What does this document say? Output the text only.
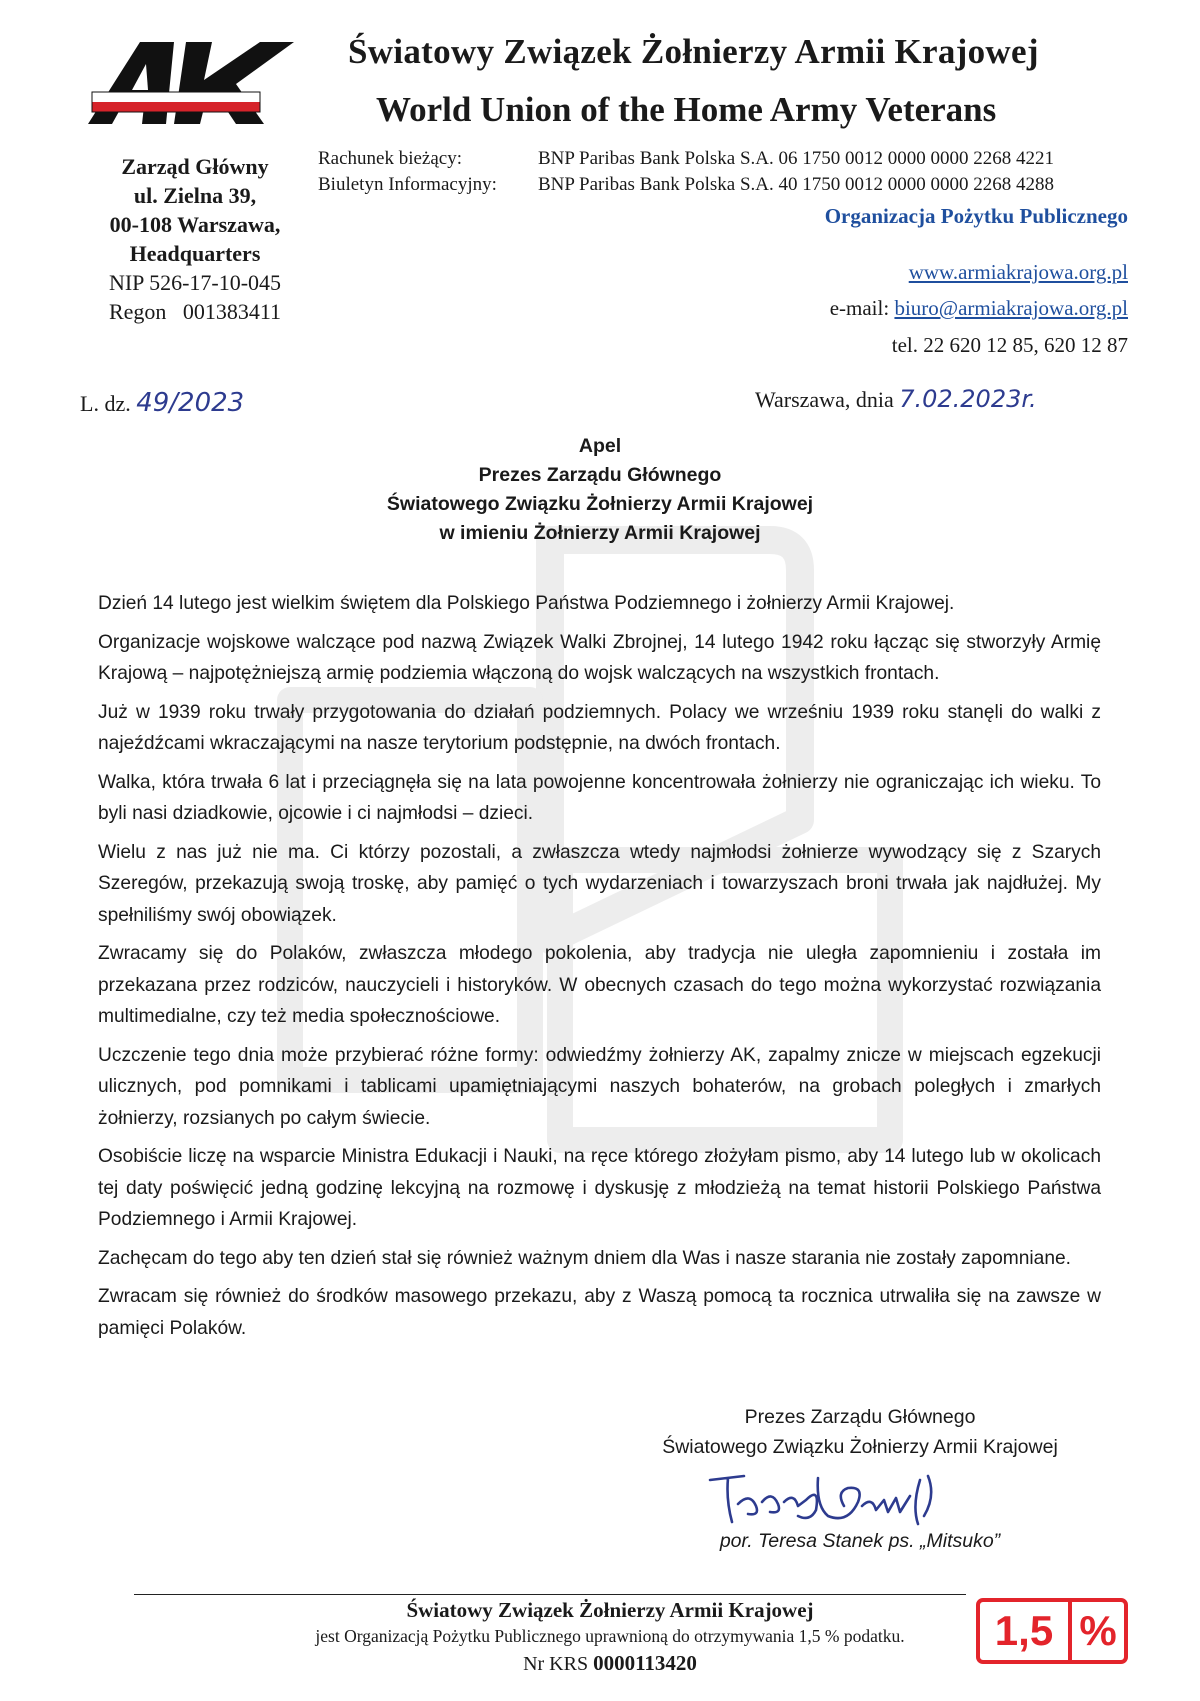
Światowy Związek Żołnierzy Armii Krajowej
World Union of the Home Army Veterans
Zarząd Główny
ul. Zielna 39,
00-108 Warszawa,
Headquarters
NIP 526-17-10-045
Regon   001383411
Rachunek bieżący:	BNP Paribas Bank Polska S.A. 06 1750 0012 0000 0000 2268 4221
Biuletyn Informacyjny: BNP Paribas Bank Polska S.A. 40 1750 0012 0000 0000 2268 4288
Organizacja Pożytku Publicznego
www.armiakrajowa.org.pl
e-mail: biuro@armiakrajowa.org.pl
tel. 22 620 12 85, 620 12 87
L. dz. 49/2023	Warszawa, dnia 7.02.2023r.
Apel
Prezes Zarządu Głównego
Światowego Związku Żołnierzy Armii Krajowej
w imieniu Żołnierzy Armii Krajowej

Dzień 14 lutego jest wielkim świętem dla Polskiego Państwa Podziemnego i żołnierzy Armii Krajowej.

Organizacje wojskowe walczące pod nazwą Związek Walki Zbrojnej, 14 lutego 1942 roku łącząc się stworzyły Armię Krajową – najpotężniejszą armię podziemia włączoną do wojsk walczących na wszystkich frontach.

Już w 1939 roku trwały przygotowania do działań podziemnych. Polacy we wrześniu 1939 roku stanęli do walki z najeźdźcami wkraczającymi na nasze terytorium podstępnie, na dwóch frontach.

Walka, która trwała 6 lat i przeciągnęła się na lata powojenne koncentrowała żołnierzy nie ograniczając ich wieku. To byli nasi dziadkowie, ojcowie i ci najmłodsi – dzieci.

Wielu z nas już nie ma. Ci którzy pozostali, a zwłaszcza wtedy najmłodsi żołnierze wywodzący się z Szarych Szeregów, przekazują swoją troskę, aby pamięć o tych wydarzeniach i towarzyszach broni trwała jak najdłużej. My spełniliśmy swój obowiązek.

Zwracamy się do Polaków, zwłaszcza młodego pokolenia, aby tradycja nie uległa zapomnieniu i została im przekazana przez rodziców, nauczycieli i historyków. W obecnych czasach do tego można wykorzystać rozwiązania multimedialne, czy też media społecznościowe.

Uczczenie tego dnia może przybierać różne formy: odwiedźmy żołnierzy AK, zapalmy znicze w miejscach egzekucji ulicznych, pod pomnikami i tablicami upamiętniającymi naszych bohaterów, na grobach poległych i zmarłych żołnierzy, rozsianych po całym świecie.

Osobiście liczę na wsparcie Ministra Edukacji i Nauki, na ręce którego złożyłam pismo, aby 14 lutego lub w okolicach tej daty poświęcić jedną godzinę lekcyjną na rozmowę i dyskusję z młodzieżą na temat historii Polskiego Państwa Podziemnego i Armii Krajowej.

Zachęcam do tego aby ten dzień stał się również ważnym dniem dla Was i nasze starania nie zostały zapomniane.

Zwracam się również do środków masowego przekazu, aby z Waszą pomocą ta rocznica utrwaliła się na zawsze w pamięci Polaków.

Prezes Zarządu Głównego
Światowego Związku Żołnierzy Armii Krajowej
por. Teresa Stanek ps. „Mitsuko”
Światowy Związek Żołnierzy Armii Krajowej
jest Organizacją Pożytku Publicznego uprawnioną do otrzymywania 1,5 % podatku.
Nr KRS 0000113420
1,5 %
